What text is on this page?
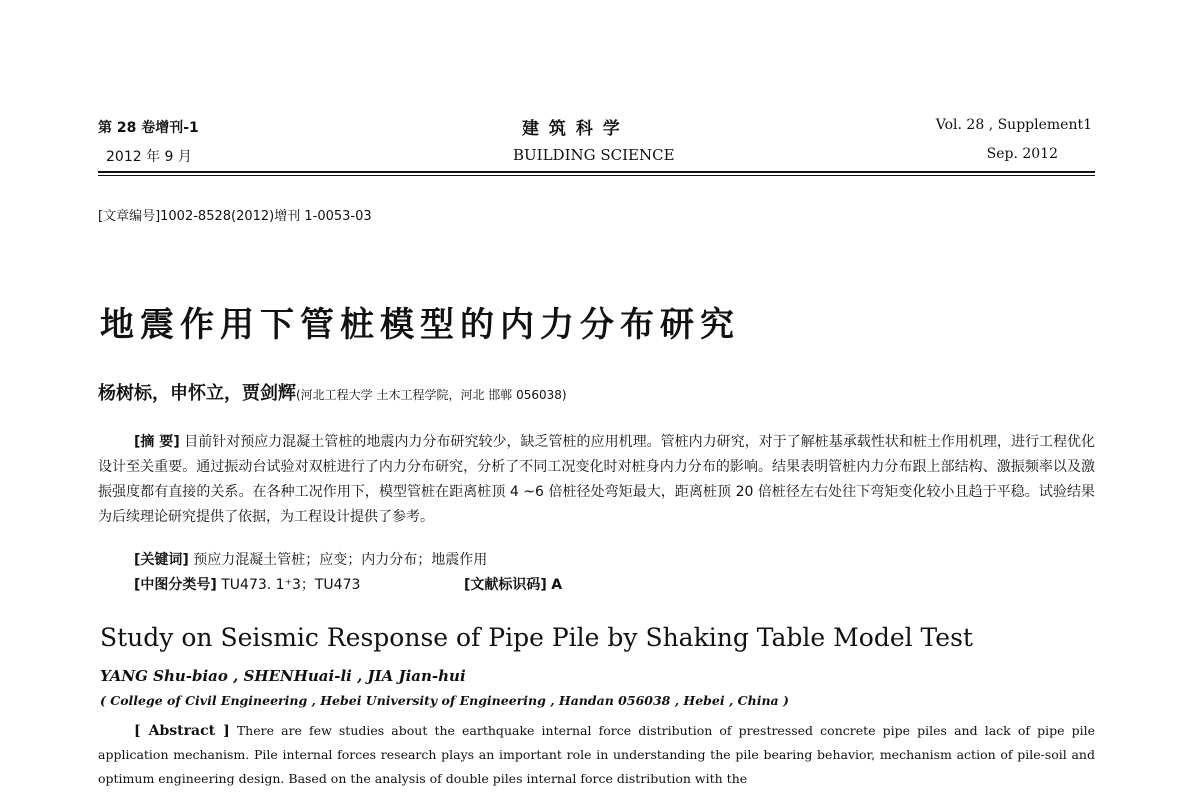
第 28 卷增刊-1
2012 年 9 月
建 筑 科 学
BUILDING SCIENCE
Vol. 28 , Supplement1
Sep. 2012
[文章编号]1002-8528(2012)增刊 1-0053-03
地震作用下管桩模型的内力分布研究
杨树标，申怀立，贾剑辉(河北工程大学 土木工程学院，河北 邯郸 056038)
[摘 要] 目前针对预应力混凝土管桩的地震内力分布研究较少，缺乏管桩的应用机理。管桩内力研究，对于了解桩基承载性状和桩土作用机理，进行工程优化设计至关重要。通过振动台试验对双桩进行了内力分布研究，分析了不同工况变化时对桩身内力分布的影响。结果表明管桩内力分布跟上部结构、激振频率以及激振强度都有直接的关系。在各种工况作用下，模型管桩在距离桩顶 4 ~6 倍桩径处弯矩最大，距离桩顶 20 倍桩径左右处往下弯矩变化较小且趋于平稳。试验结果为后续理论研究提供了依据，为工程设计提供了参考。
[关键词] 预应力混凝土管桩；应变；内力分布；地震作用
[中图分类号] TU473. 1⁺3；TU473	[文献标识码] A
Study on Seismic Response of Pipe Pile by Shaking Table Model Test
YANG Shu-biao , SHENHuai-li , JIA Jian-hui
( College of Civil Engineering , Hebei University of Engineering , Handan 056038 , Hebei , China )
[ Abstract ] There are few studies about the earthquake internal force distribution of prestressed concrete pipe piles and lack of pipe pile application mechanism. Pile internal forces research plays an important role in understanding the pile bearing behavior, mechanism action of pile-soil and optimum engineering design. Based on the analysis of double piles internal force distribution with the
